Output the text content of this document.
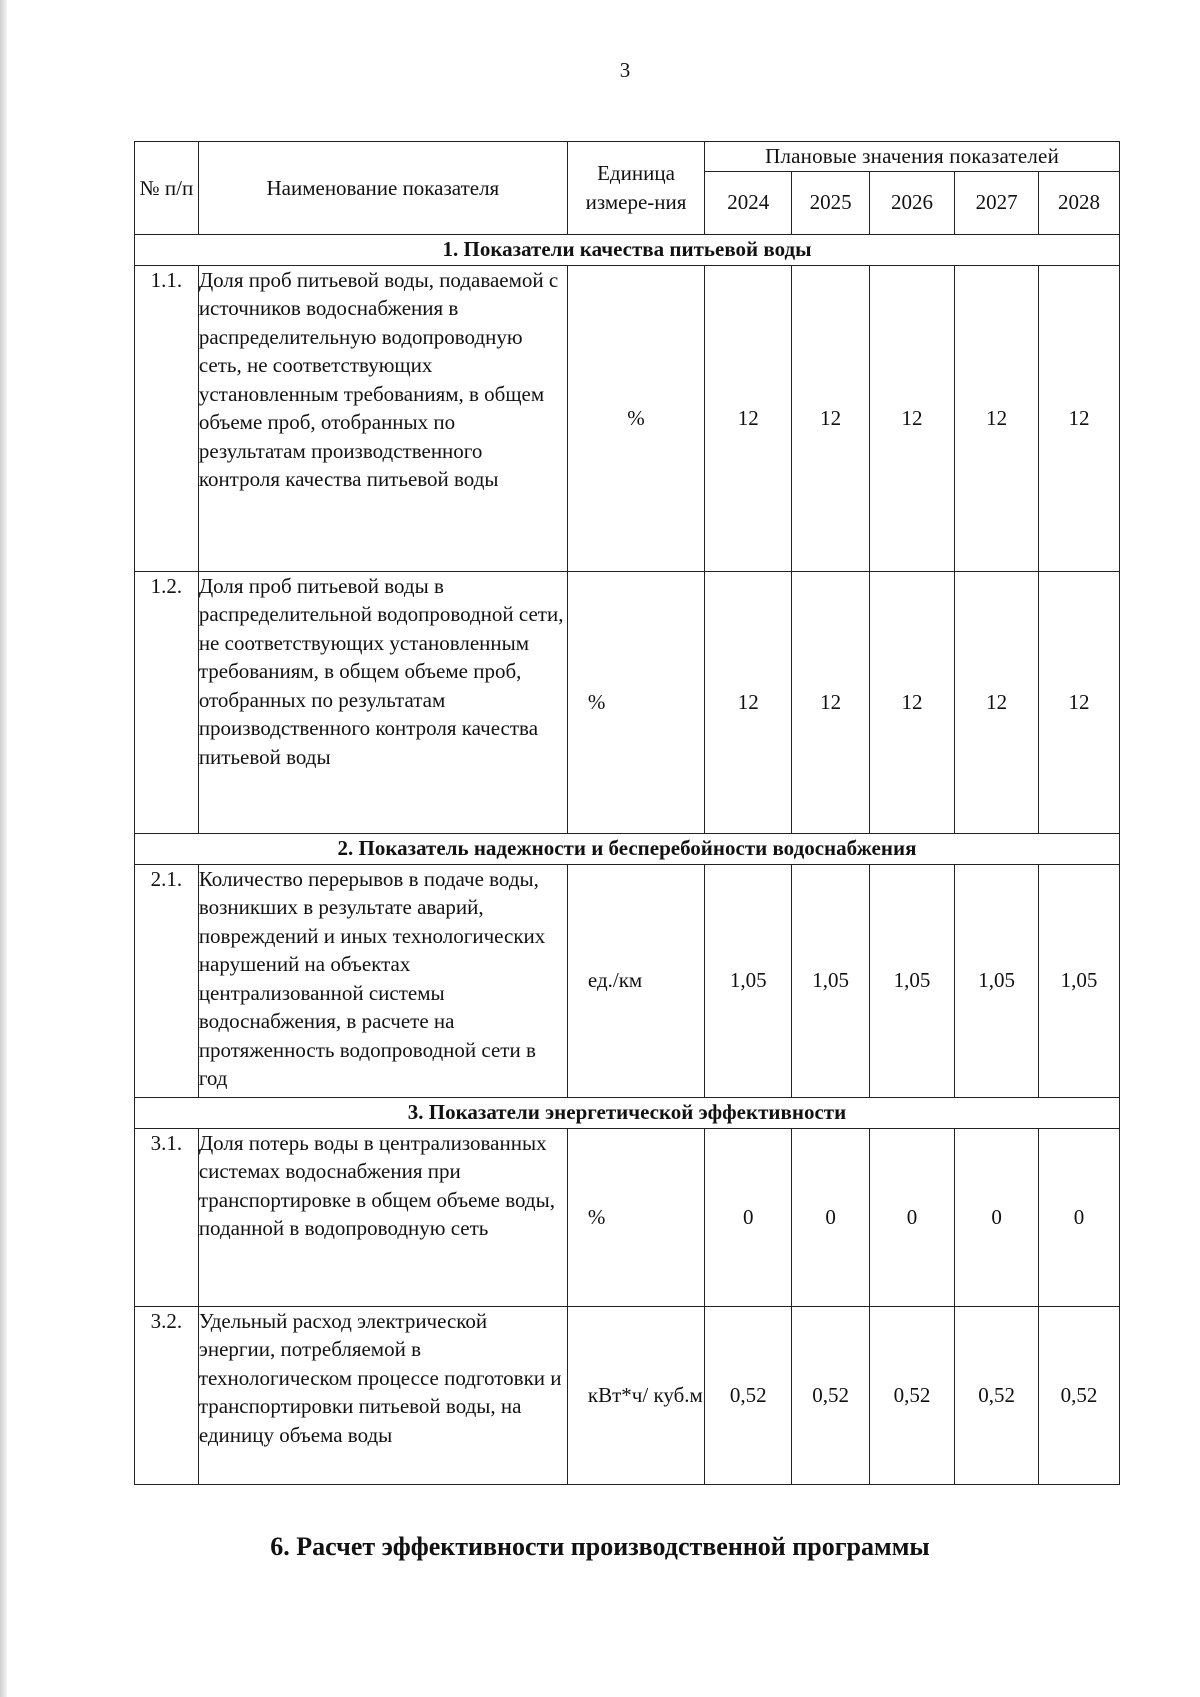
3
№ п/п	Наименование показателя	Единица измере-ния	Плановые значения показателей				
			2024	2025	2026	2027	2028
1. Показатели качества питьевой воды							
1.1.	Доля проб питьевой воды, подаваемой с источников водоснабжения в распределительную водопроводную сеть, не соответствующих установленным требованиям, в общем объеме проб, отобранных по результатам производственного контроля качества питьевой воды	%	12	12	12	12	12
1.2.	Доля проб питьевой воды в распределительной водопроводной сети, не соответствующих установленным требованиям, в общем объеме проб, отобранных по результатам производственного контроля качества питьевой воды	%	12	12	12	12	12
2. Показатель надежности и бесперебойности водоснабжения							
2.1.	Количество перерывов в подаче воды, возникших в результате аварий, повреждений и иных технологических нарушений на объектах централизованной системы водоснабжения, в расчете на протяженность водопроводной сети в год	ед./км	1,05	1,05	1,05	1,05	1,05
3. Показатели энергетической эффективности							
3.1.	Доля потерь воды в централизованных системах водоснабжения при транспортировке в общем объеме воды, поданной в водопроводную сеть	%	0	0	0	0	0
3.2.	Удельный расход электрической энергии, потребляемой в технологическом процессе подготовки и транспортировки питьевой воды, на единицу объема воды	кВт*ч/ куб.м	0,52	0,52	0,52	0,52	0,52
6. Расчет эффективности производственной программы
